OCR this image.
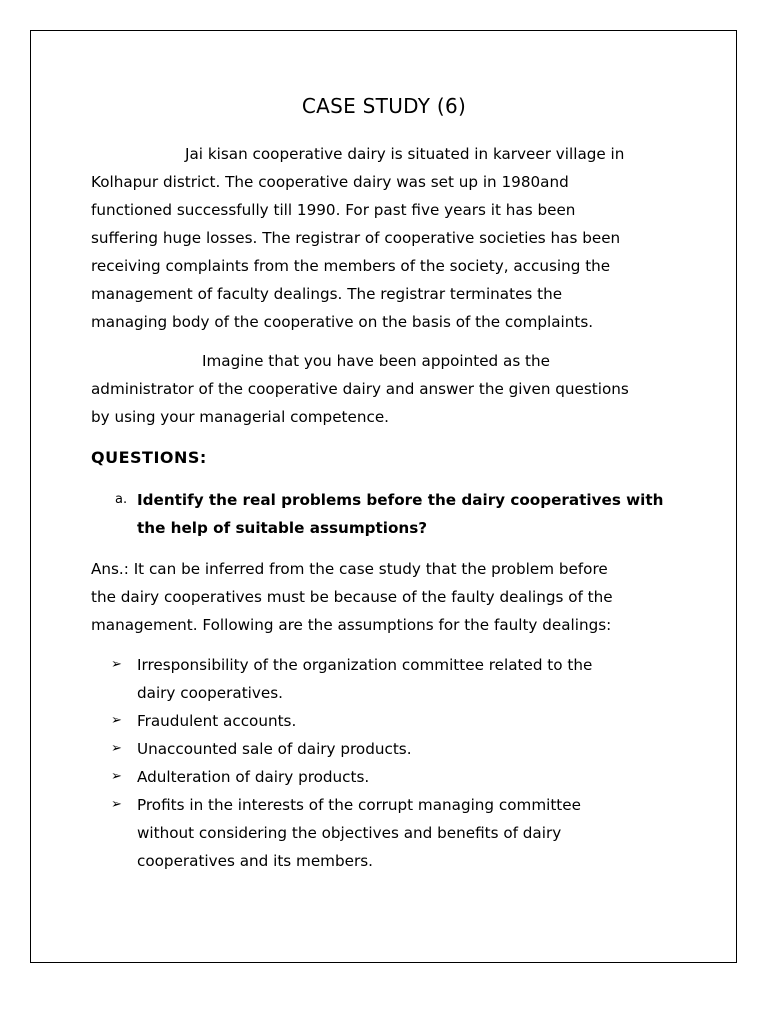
CASE STUDY (6)
Jai kisan cooperative dairy is situated in karveer village in
Kolhapur district. The cooperative dairy was set up in 1980and
functioned successfully till 1990. For past five years it has been
suffering huge losses. The registrar of cooperative societies has been
receiving complaints from the members of the society, accusing the
management of faculty dealings. The registrar terminates the
managing body of the cooperative on the basis of the complaints.
Imagine that you have been appointed as the
administrator of the cooperative dairy and answer the given questions
by using your managerial competence.
QUESTIONS:
a. Identify the real problems before the dairy cooperatives with
the help of suitable assumptions?
Ans.: It can be inferred from the case study that the problem before
the dairy cooperatives must be because of the faulty dealings of the
management. Following are the assumptions for the faulty dealings:
➢ Irresponsibility of the organization committee related to the
dairy cooperatives.
➢ Fraudulent accounts.
➢ Unaccounted sale of dairy products.
➢ Adulteration of dairy products.
➢ Profits in the interests of the corrupt managing committee
without considering the objectives and benefits of dairy
cooperatives and its members.
